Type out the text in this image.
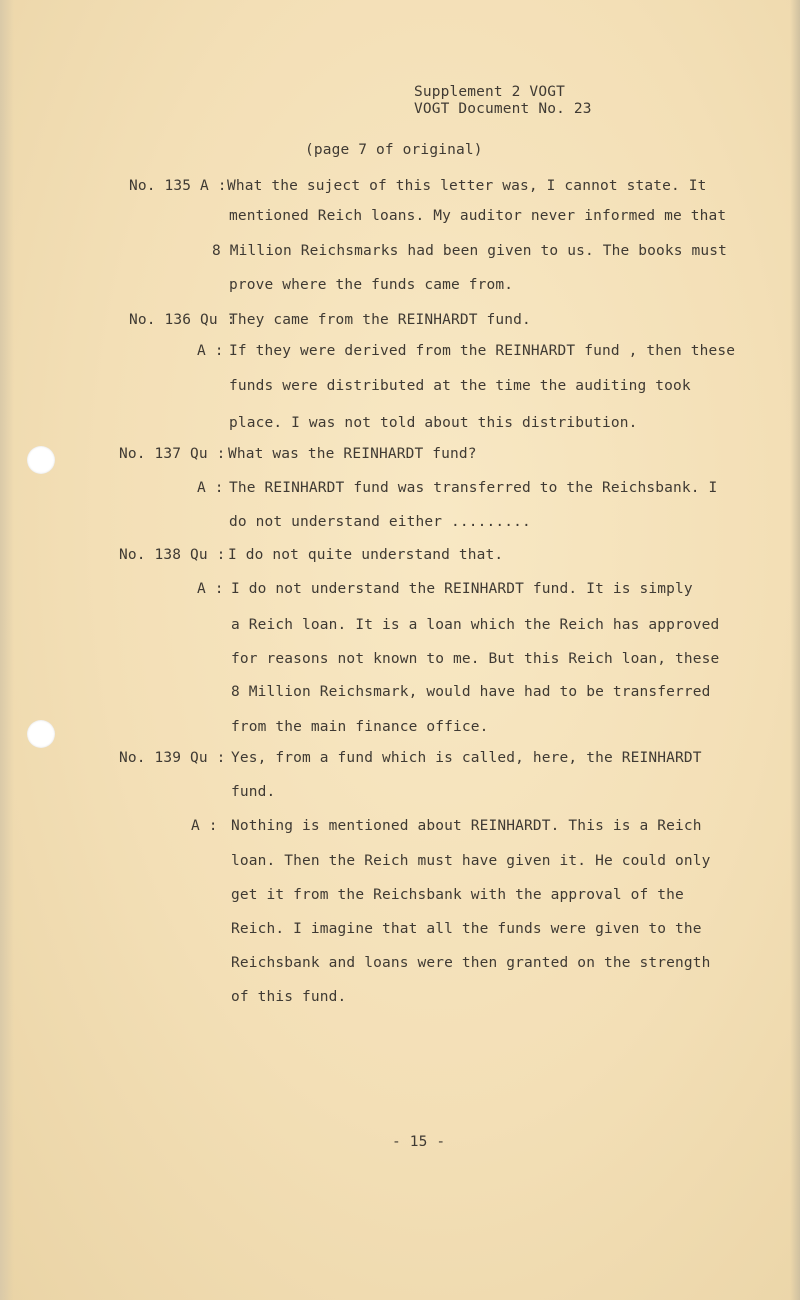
Supplement 2 VOGT
VOGT Document No. 23
(page 7 of original)
No. 135 A : What the suject of this letter was, I cannot state. It
mentioned Reich loans. My auditor never informed me that
8 Million Reichsmarks had been given to us. The books must
prove where the funds came from.
No. 136 Qu :
They came from the REINHARDT fund.
A : If they were derived from the REINHARDT fund , then these
funds were distributed at the time the auditing took
place. I was not told about this distribution.
No. 137 Qu : What was the REINHARDT fund?
A : The REINHARDT fund was transferred to the Reichsbank. I
do not understand either .........
No. 138 Qu : I do not quite understand that.
A : I do not understand the REINHARDT fund. It is simply
a Reich loan. It is a loan which the Reich has approved
for reasons not known to me. But this Reich loan, these
8 Million Reichsmark, would have had to be transferred
from the main finance office.
No. 139 Qu : Yes, from a fund which is called, here, the REINHARDT
fund.
A : Nothing is mentioned about REINHARDT. This is a Reich
loan. Then the Reich must have given it. He could only
get it from the Reichsbank with the approval of the
Reich. I imagine that all the funds were given to the
Reichsbank and loans were then granted on the strength
of this fund.
- 15 -
